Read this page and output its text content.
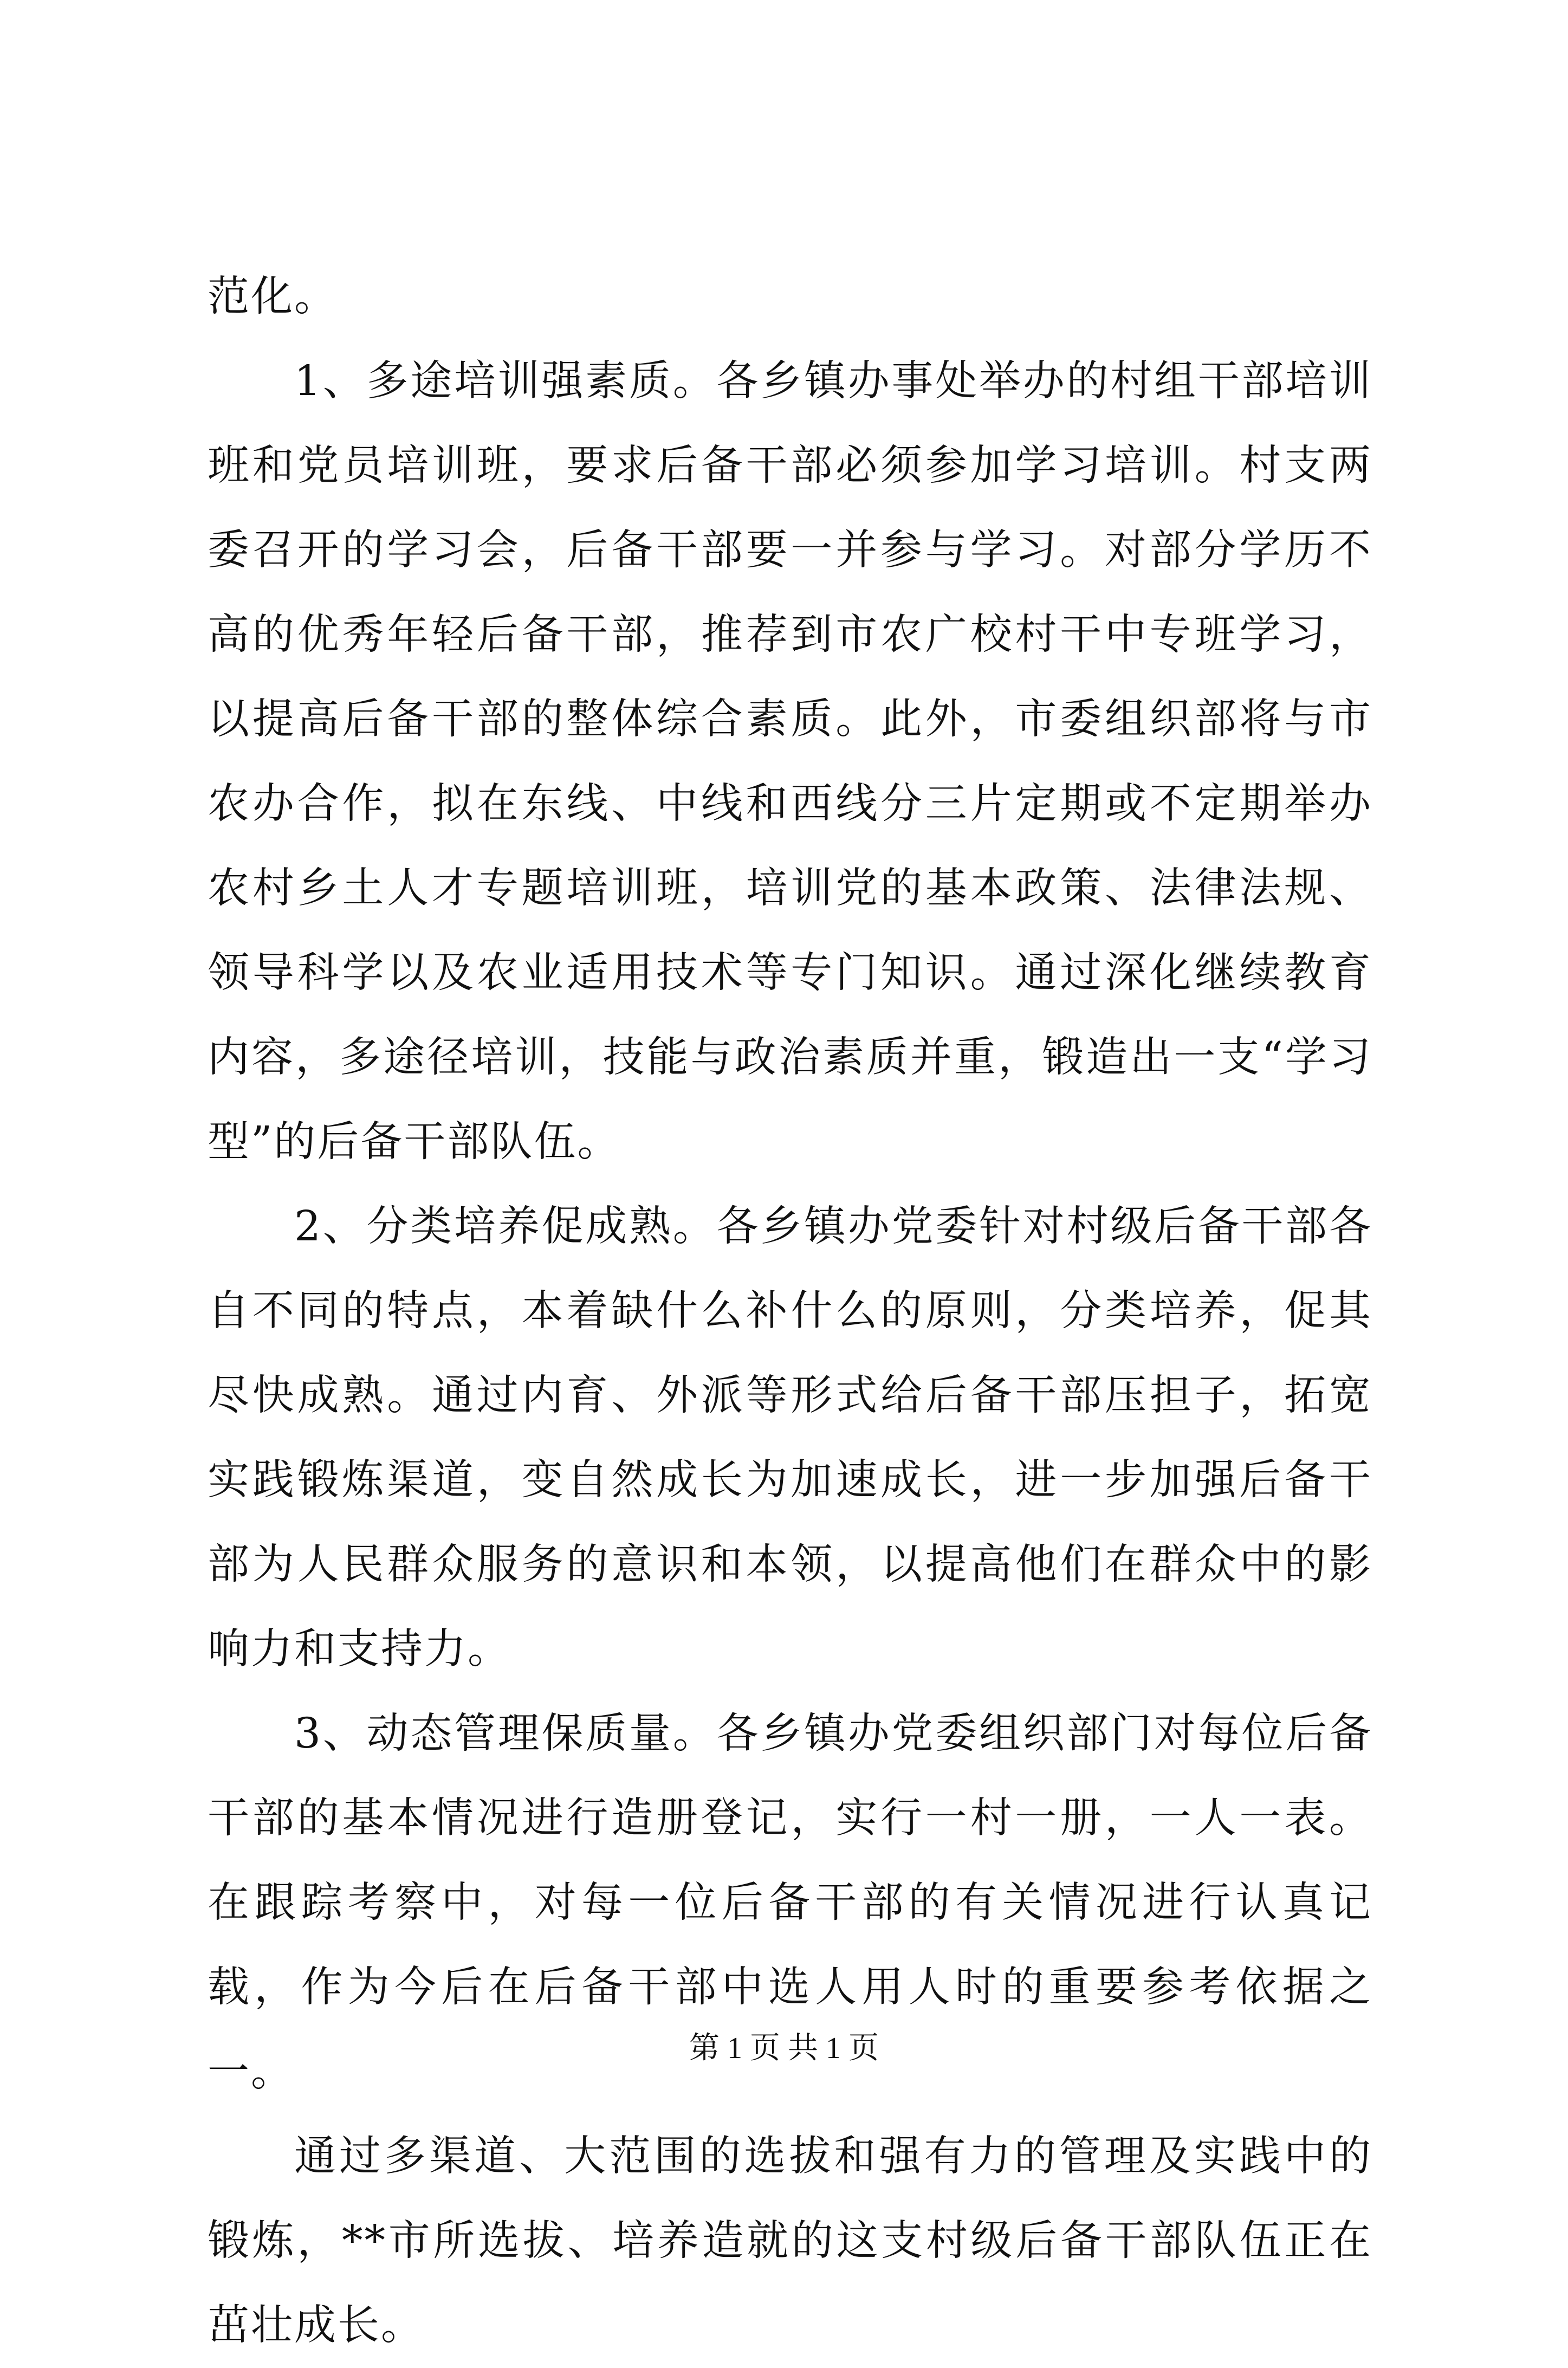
范化。

1、多途培训强素质。各乡镇办事处举办的村组干部培训班和党员培训班，要求后备干部必须参加学习培训。村支两委召开的学习会，后备干部要一并参与学习。对部分学历不高的优秀年轻后备干部，推荐到市农广校村干中专班学习，以提高后备干部的整体综合素质。此外，市委组织部将与市农办合作，拟在东线、中线和西线分三片定期或不定期举办农村乡土人才专题培训班，培训党的基本政策、法律法规、领导科学以及农业适用技术等专门知识。通过深化继续教育内容，多途径培训，技能与政治素质并重，锻造出一支“学习型”的后备干部队伍。

2、分类培养促成熟。各乡镇办党委针对村级后备干部各自不同的特点，本着缺什么补什么的原则，分类培养，促其尽快成熟。通过内育、外派等形式给后备干部压担子，拓宽实践锻炼渠道，变自然成长为加速成长，进一步加强后备干部为人民群众服务的意识和本领，以提高他们在群众中的影响力和支持力。

3、动态管理保质量。各乡镇办党委组织部门对每位后备干部的基本情况进行造册登记，实行一村一册，一人一表。在跟踪考察中，对每一位后备干部的有关情况进行认真记载，作为今后在后备干部中选人用人时的重要参考依据之一。

通过多渠道、大范围的选拔和强有力的管理及实践中的锻炼，**市所选拔、培养造就的这支村级后备干部队伍正在茁壮成长。

第 1 页 共 1 页
